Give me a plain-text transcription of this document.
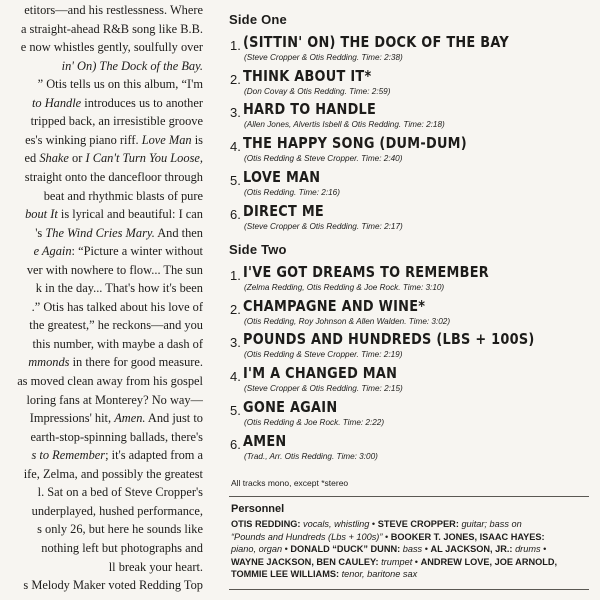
etitors—and his restlessness. Where
a straight-ahead R&B song like B.B.
e now whistles gently, soulfully over
in' On) The Dock of the Bay.
” Otis tells us on this album, “I'm
to Handle introduces us to another
tripped back, an irresistible groove
es's winking piano riff. Love Man is
ed Shake or I Can't Turn You Loose,
straight onto the dancefloor through
beat and rhythmic blasts of pure
bout It is lyrical and beautiful: I can
's The Wind Cries Mary. And then
e Again: “Picture a winter without
ver with nowhere to flow... The sun
k in the day... That's how it's been
.” Otis has talked about his love of
the greatest,” he reckons—and you
this number, with maybe a dash of
mmonds in there for good measure.
as moved clean away from his gospel
loring fans at Monterey? No way—
Impressions' hit, Amen. And just to
earth-stop-spinning ballads, there's
s to Remember; it's adapted from a
ife, Zelma, and possibly the greatest
l. Sat on a bed of Steve Cropper's
underplayed, hushed performance,
s only 26, but here he sounds like
nothing left but photographs and
ll break your heart.
s Melody Maker voted Redding Top
Side One
1. (SITTIN' ON) THE DOCK OF THE BAY
(Steve Cropper & Otis Redding. Time: 2:38)
2. THINK ABOUT IT*
(Don Covay & Otis Redding. Time: 2:59)
3. HARD TO HANDLE
(Allen Jones, Alvertis Isbell & Otis Redding. Time: 2:18)
4. THE HAPPY SONG (DUM-DUM)
(Otis Redding & Steve Cropper. Time: 2:40)
5. LOVE MAN
(Otis Redding. Time: 2:16)
6. DIRECT ME
(Steve Cropper & Otis Redding. Time: 2:17)
Side Two
1. I'VE GOT DREAMS TO REMEMBER
(Zelma Redding, Otis Redding & Joe Rock. Time: 3:10)
2. CHAMPAGNE AND WINE*
(Otis Redding, Roy Johnson & Allen Walden. Time: 3:02)
3. POUNDS AND HUNDREDS (LBS + 100S)
(Otis Redding & Steve Cropper. Time: 2:19)
4. I'M A CHANGED MAN
(Steve Cropper & Otis Redding. Time: 2:15)
5. GONE AGAIN
(Otis Redding & Joe Rock. Time: 2:22)
6. AMEN
(Trad., Arr. Otis Redding. Time: 3:00)
All tracks mono, except *stereo
Personnel
OTIS REDDING: vocals, whistling • STEVE CROPPER: guitar; bass on
“Pounds and Hundreds (Lbs + 100s)” • BOOKER T. JONES, ISAAC HAYES:
piano, organ • DONALD “DUCK” DUNN: bass • AL JACKSON, JR.: drums •
WAYNE JACKSON, BEN CAULEY: trumpet • ANDREW LOVE, JOE ARNOLD,
TOMMIE LEE WILLIAMS: tenor, baritone sax
